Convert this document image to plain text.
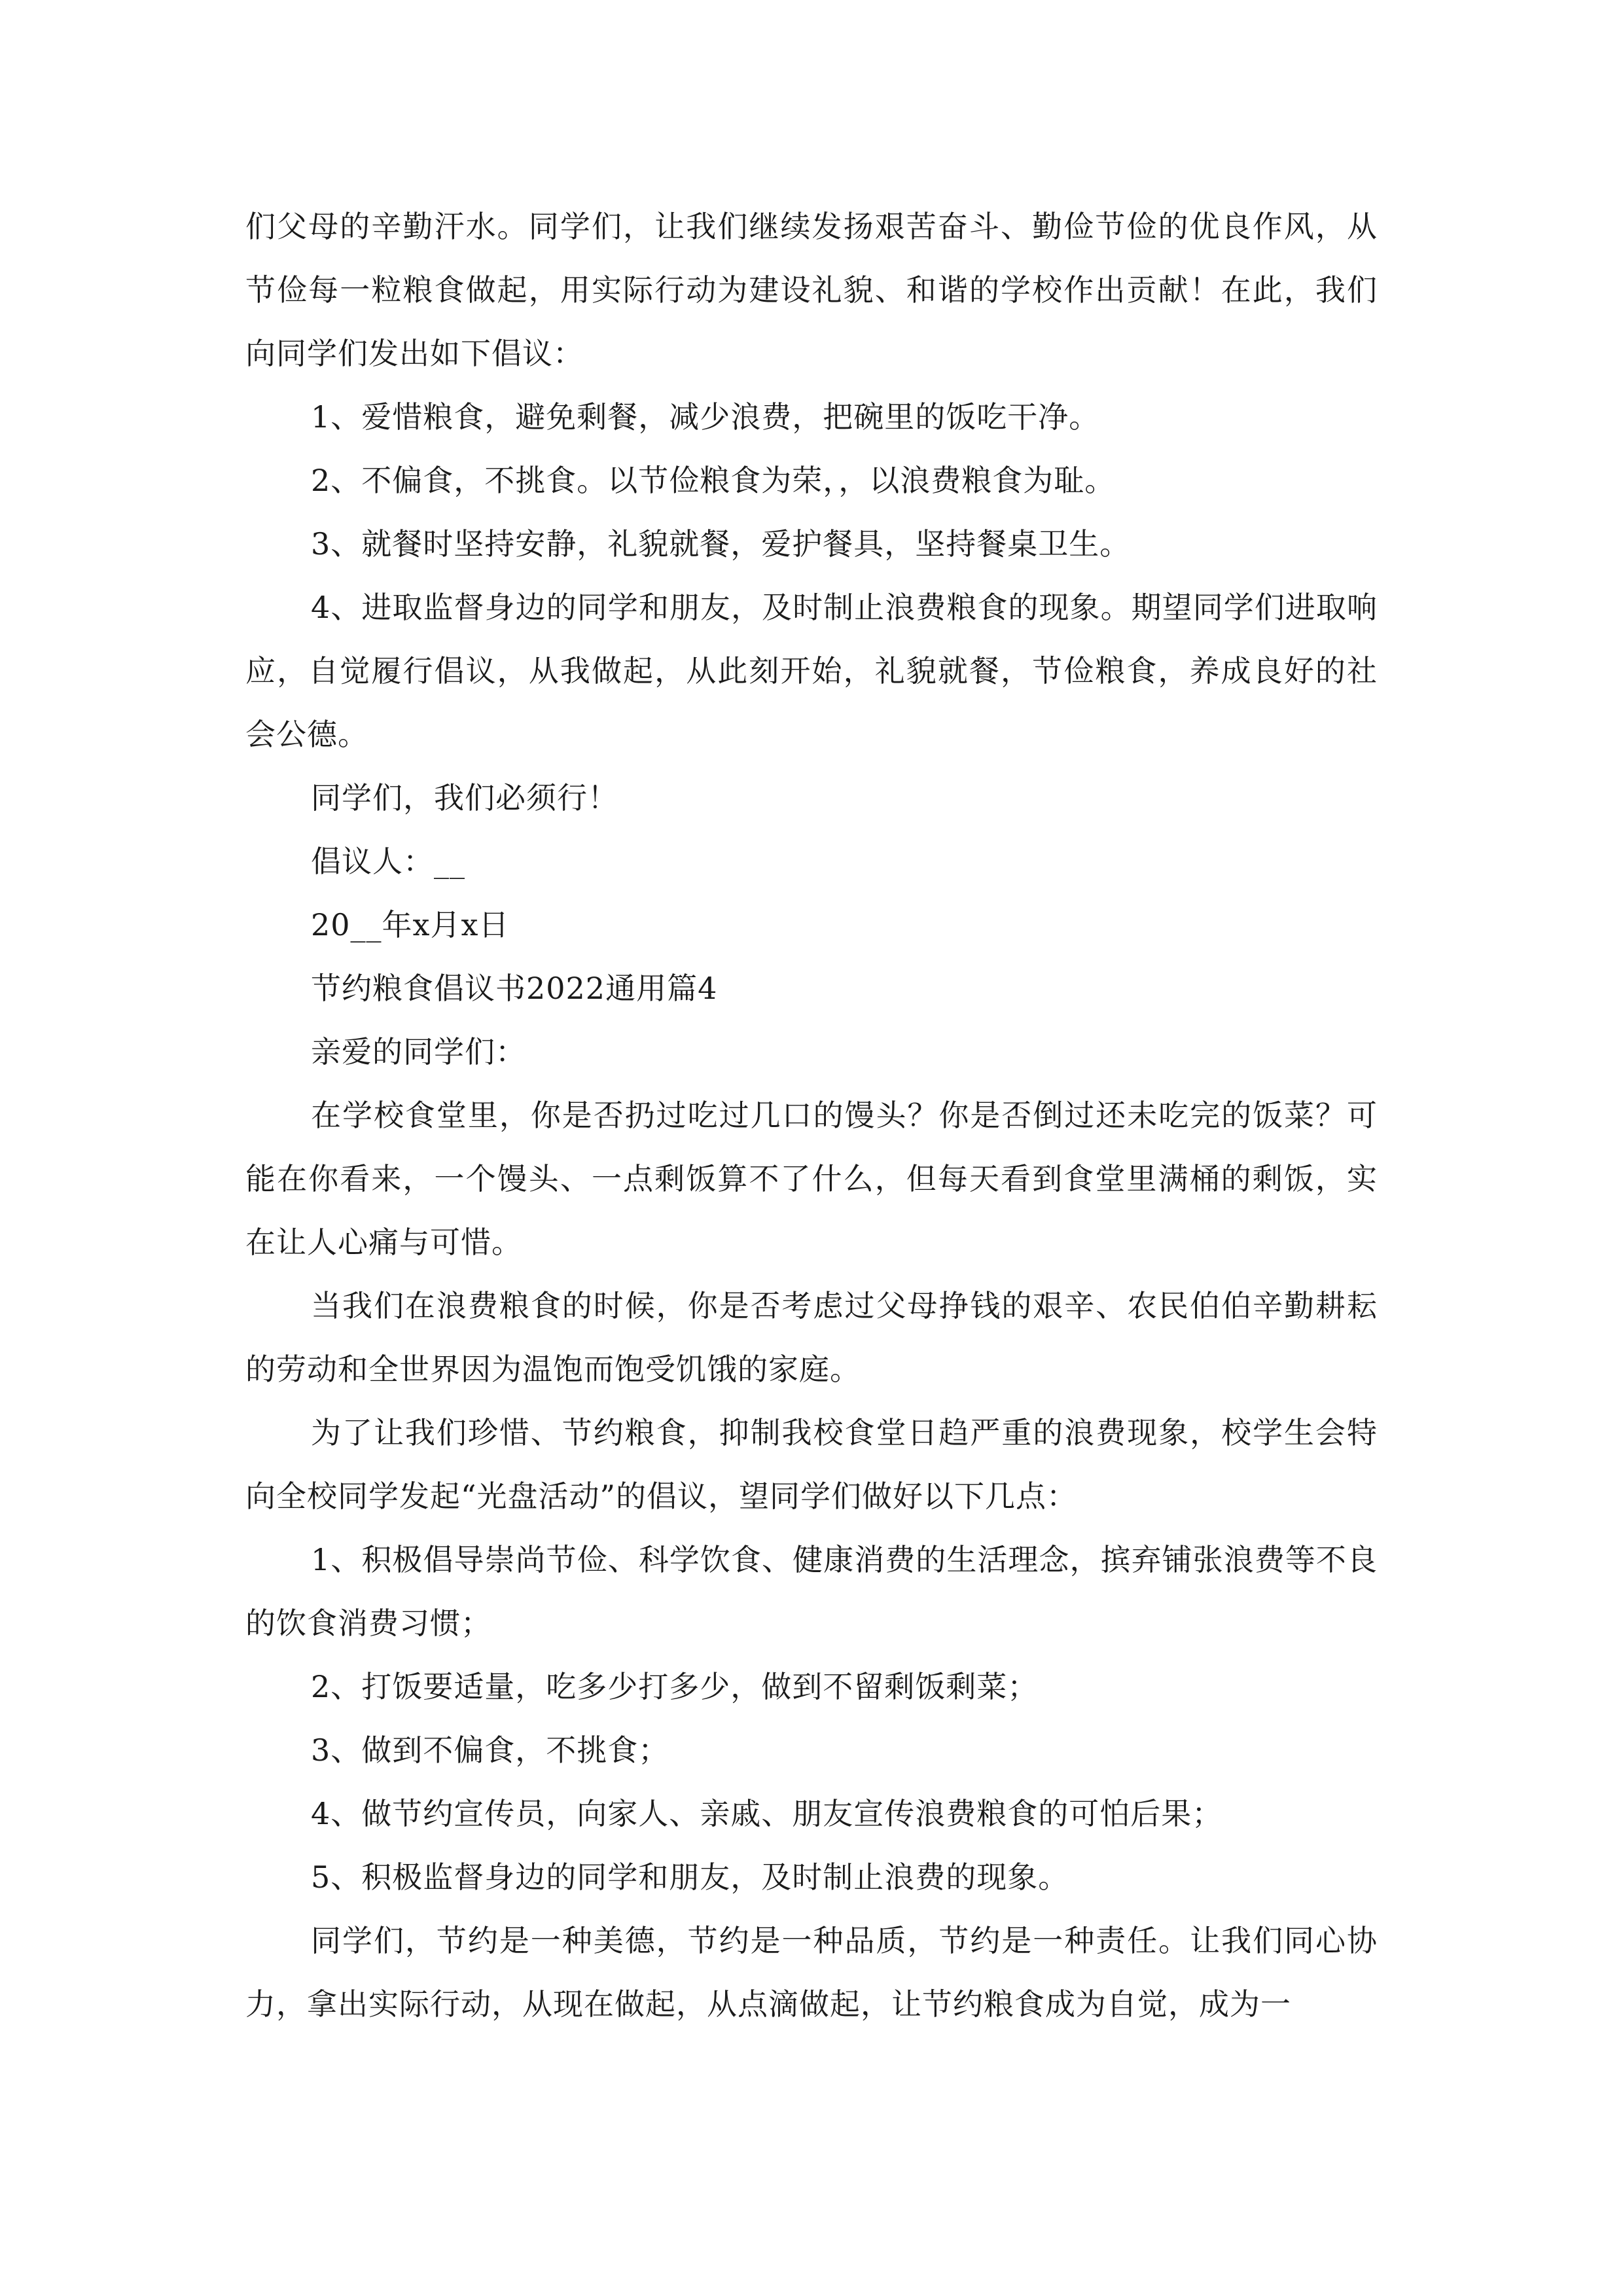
们父母的辛勤汗水。同学们，让我们继续发扬艰苦奋斗、勤俭节俭的优良作风，从节俭每一粒粮食做起，用实际行动为建设礼貌、和谐的学校作出贡献！在此，我们向同学们发出如下倡议：

1、爱惜粮食，避免剩餐，减少浪费，把碗里的饭吃干净。

2、不偏食，不挑食。以节俭粮食为荣，，以浪费粮食为耻。

3、就餐时坚持安静，礼貌就餐，爱护餐具，坚持餐桌卫生。

4、进取监督身边的同学和朋友，及时制止浪费粮食的现象。期望同学们进取响应，自觉履行倡议，从我做起，从此刻开始，礼貌就餐，节俭粮食，养成良好的社会公德。

同学们，我们必须行！

倡议人：__

20__年x月x日

节约粮食倡议书2022通用篇4

亲爱的同学们：

在学校食堂里，你是否扔过吃过几口的馒头？你是否倒过还未吃完的饭菜？可能在你看来，一个馒头、一点剩饭算不了什么，但每天看到食堂里满桶的剩饭，实在让人心痛与可惜。

当我们在浪费粮食的时候，你是否考虑过父母挣钱的艰辛、农民伯伯辛勤耕耘的劳动和全世界因为温饱而饱受饥饿的家庭。

为了让我们珍惜、节约粮食，抑制我校食堂日趋严重的浪费现象，校学生会特向全校同学发起“光盘活动”的倡议，望同学们做好以下几点：

1、积极倡导崇尚节俭、科学饮食、健康消费的生活理念，摈弃铺张浪费等不良的饮食消费习惯；

2、打饭要适量，吃多少打多少，做到不留剩饭剩菜；

3、做到不偏食，不挑食；

4、做节约宣传员，向家人、亲戚、朋友宣传浪费粮食的可怕后果；

5、积极监督身边的同学和朋友，及时制止浪费的现象。

同学们，节约是一种美德，节约是一种品质，节约是一种责任。让我们同心协力，拿出实际行动，从现在做起，从点滴做起，让节约粮食成为自觉，成为一
